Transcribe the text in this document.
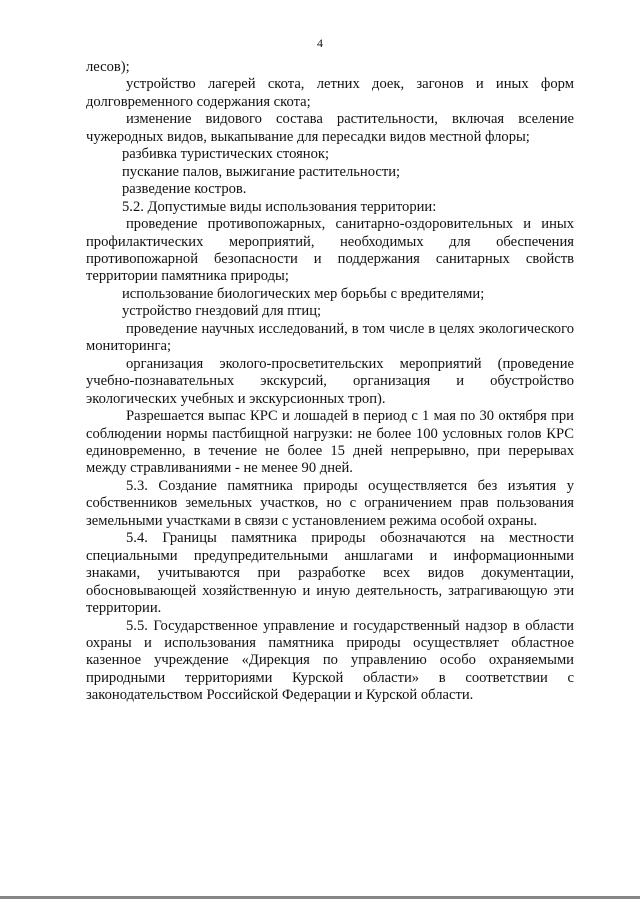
4
лесов);
устройство лагерей скота, летних доек, загонов и иных форм
долговременного содержания скота;
изменение видового состава растительности, включая вселение
чужеродных видов, выкапывание для пересадки видов местной флоры;
разбивка туристических стоянок;
пускание палов, выжигание растительности;
разведение костров.
5.2. Допустимые виды использования территории:
проведение противопожарных, санитарно-оздоровительных и иных
профилактических мероприятий, необходимых для обеспечения
противопожарной безопасности и поддержания санитарных свойств
территории памятника природы;
использование биологических мер борьбы с вредителями;
устройство гнездовий для птиц;
проведение научных исследований, в том числе в целях экологического
мониторинга;
организация эколого-просветительских мероприятий (проведение
учебно-познавательных экскурсий, организация и обустройство
экологических учебных и экскурсионных троп).
Разрешается выпас КРС и лошадей в период с 1 мая по 30 октября при
соблюдении нормы пастбищной нагрузки: не более 100 условных голов КРС
единовременно, в течение не более 15 дней непрерывно, при перерывах
между стравливаниями - не менее 90 дней.
5.3. Создание памятника природы осуществляется без изъятия у
собственников земельных участков, но с ограничением прав пользования
земельными участками в связи с установлением режима особой охраны.
5.4. Границы памятника природы обозначаются на местности
специальными предупредительными аншлагами и информационными
знаками, учитываются при разработке всех видов документации,
обосновывающей хозяйственную и иную деятельность, затрагивающую эти
территории.
5.5. Государственное управление и государственный надзор в области
охраны и использования памятника природы осуществляет областное
казенное учреждение «Дирекция по управлению особо охраняемыми
природными территориями Курской области» в соответствии с
законодательством Российской Федерации и Курской области.
